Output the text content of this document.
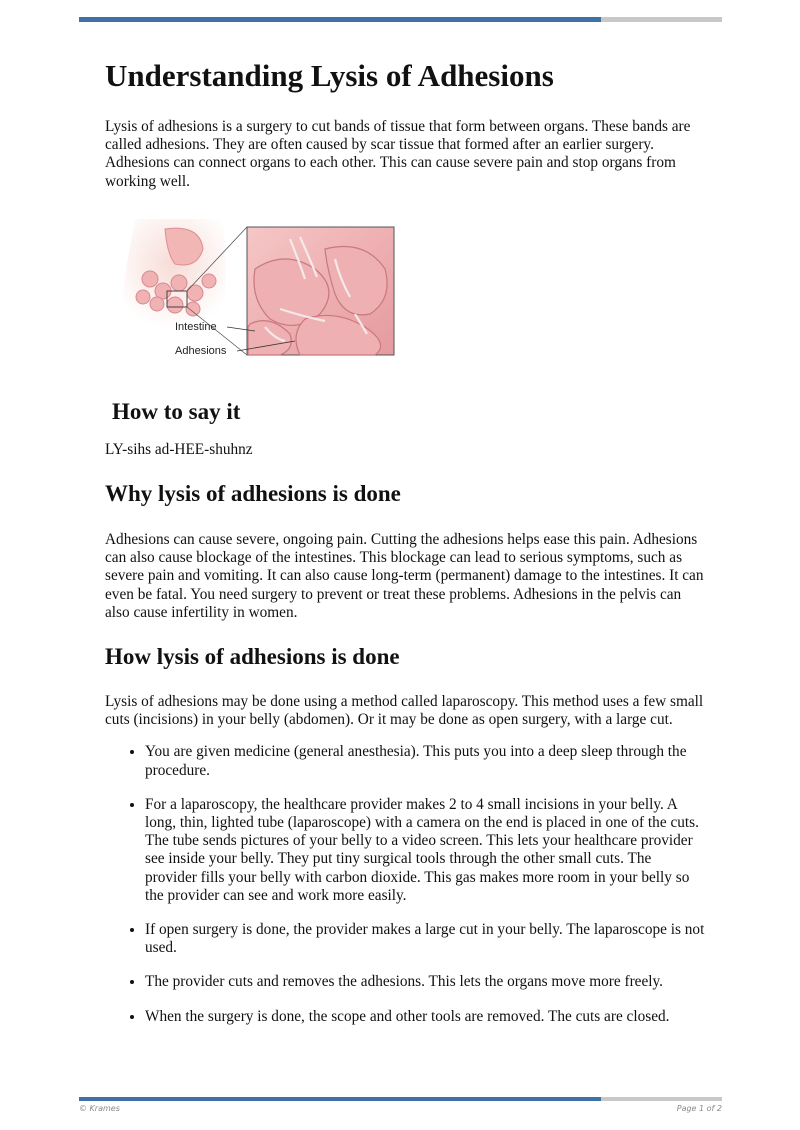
Understanding Lysis of Adhesions

Lysis of adhesions is a surgery to cut bands of tissue that form between organs. These bands are called adhesions. They are often caused by scar tissue that formed after an earlier surgery. Adhesions can connect organs to each other. This can cause severe pain and stop organs from working well.

Intestine
Adhesions
How to say it

LY-sihs ad-HEE-shuhnz

Why lysis of adhesions is done

Adhesions can cause severe, ongoing pain. Cutting the adhesions helps ease this pain. Adhesions can also cause blockage of the intestines. This blockage can lead to serious symptoms, such as severe pain and vomiting. It can also cause long-term (permanent) damage to the intestines. It can even be fatal. You need surgery to prevent or treat these problems. Adhesions in the pelvis can also cause infertility in women.

How lysis of adhesions is done

Lysis of adhesions may be done using a method called laparoscopy. This method uses a few small cuts (incisions) in your belly (abdomen). Or it may be done as open surgery, with a large cut.

• You are given medicine (general anesthesia). This puts you into a deep sleep through the procedure.
• For a laparoscopy, the healthcare provider makes 2 to 4 small incisions in your belly. A long, thin, lighted tube (laparoscope) with a camera on the end is placed in one of the cuts. The tube sends pictures of your belly to a video screen. This lets your healthcare provider see inside your belly. They put tiny surgical tools through the other small cuts. The provider fills your belly with carbon dioxide. This gas makes more room in your belly so the provider can see and work more easily.
• If open surgery is done, the provider makes a large cut in your belly. The laparoscope is not used.
• The provider cuts and removes the adhesions. This lets the organs move more freely.
• When the surgery is done, the scope and other tools are removed. The cuts are closed.
© Krames	Page 1 of 2
